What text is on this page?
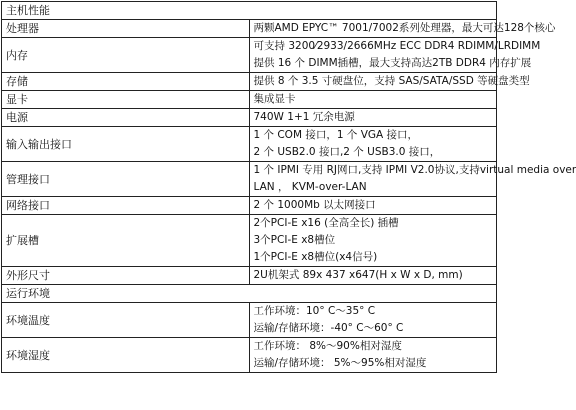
主机性能	
处理器	两颗AMD EPYC™ 7001/7002系列处理器，最大可达128个核心

内存	可支持 3200⁄2933/2666MHz ECC DDR4 RDIMM/LRDIMM
提供 16 个 DIMM插槽，最大支持高达2TB DDR4 内存扩展

存储	提供 8 个 3.5 寸硬盘位，支持 SAS/SATA/SSD 等硬盘类型

显卡	集成显卡

电源	740W 1+1 冗余电源

输入输出接口	1 个 COM 接口，1 个 VGA 接口，
2 个 USB2.0 接口,2 个 USB3.0 接口，

管理接口	1 个 IPMI 专用 RJ网口,支持 IPMI V2.0协议,支持virtual media over
LAN ， KVM-over-LAN

网络接口	2 个 1000Mb 以太网接口

扩展槽	2个PCI-E x16 (全高全长) 插槽
3个PCI-E x8槽位
1个PCI-E x8槽位(x4信号)

外形尺寸	2U机架式 89x 437 x647(H x W x D, mm)

运行环境	
环境温度	工作环境：10° C～35° C
运输/存储环境：-40° C～60° C

环境湿度	工作环境： 8%～90%相对湿度
运输/存储环境： 5%～95%相对湿度
